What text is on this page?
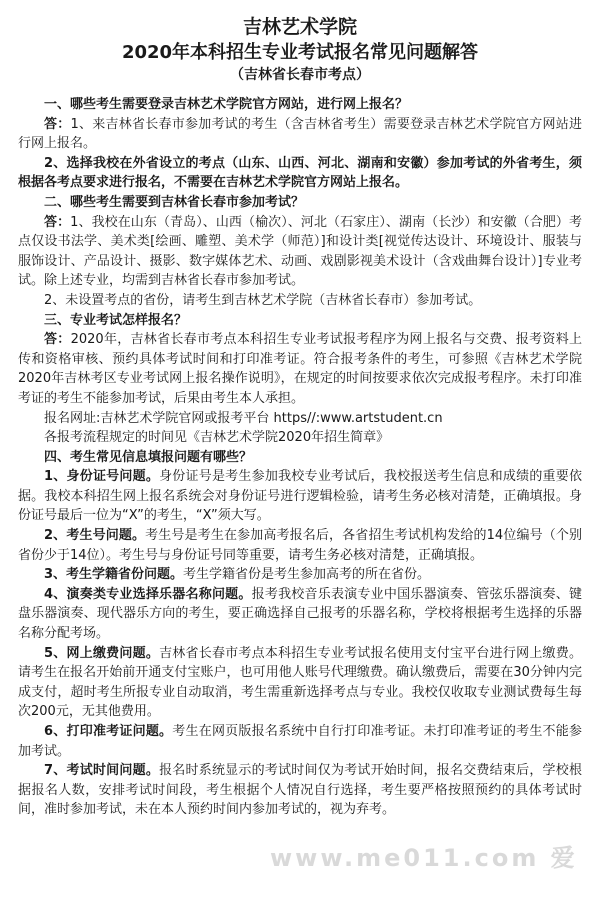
吉林艺术学院
2020年本科招生专业考试报名常见问题解答
（吉林省长春市考点）

一、哪些考生需要登录吉林艺术学院官方网站，进行网上报名？

答：1、来吉林省长春市参加考试的考生（含吉林省考生）需要登录吉林艺术学院官方网站进行网上报名。

2、选择我校在外省设立的考点（山东、山西、河北、湖南和安徽）参加考试的外省考生，须根据各考点要求进行报名，不需要在吉林艺术学院官方网站上报名。

二、哪些考生需要到吉林省长春市参加考试？

答：1、我校在山东（青岛）、山西（榆次）、河北（石家庄）、湖南（长沙）和安徽（合肥）考点仅设书法学、美术类[绘画、雕塑、美术学（师范）]和设计类[视觉传达设计、环境设计、服装与服饰设计、产品设计、摄影、数字媒体艺术、动画、戏剧影视美术设计（含戏曲舞台设计）]专业考试。除上述专业，均需到吉林省长春市参加考试。

2、未设置考点的省份，请考生到吉林艺术学院（吉林省长春市）参加考试。

三、专业考试怎样报名？

答：2020年，吉林省长春市考点本科招生专业考试报考程序为网上报名与交费、报考资料上传和资格审核、预约具体考试时间和打印准考证。符合报考条件的考生，可参照《吉林艺术学院2020年吉林考区专业考试网上报名操作说明》，在规定的时间按要求依次完成报考程序。未打印准考证的考生不能参加考试，后果由考生本人承担。

报名网址:吉林艺术学院官网或报考平台 https//:www.artstudent.cn

各报考流程规定的时间见《吉林艺术学院2020年招生简章》

四、考生常见信息填报问题有哪些？

1、身份证号问题。身份证号是考生参加我校专业考试后，我校报送考生信息和成绩的重要依据。我校本科招生网上报名系统会对身份证号进行逻辑检验，请考生务必核对清楚，正确填报。身份证号最后一位为“X”的考生，“X”须大写。

2、考生号问题。考生号是考生在参加高考报名后，各省招生考试机构发给的14位编号（个别省份少于14位）。考生号与身份证号同等重要，请考生务必核对清楚，正确填报。

3、考生学籍省份问题。考生学籍省份是考生参加高考的所在省份。

4、演奏类专业选择乐器名称问题。报考我校音乐表演专业中国乐器演奏、管弦乐器演奏、键盘乐器演奏、现代器乐方向的考生，要正确选择自己报考的乐器名称，学校将根据考生选择的乐器名称分配考场。

5、网上缴费问题。吉林省长春市考点本科招生专业考试报名使用支付宝平台进行网上缴费。请考生在报名开始前开通支付宝账户，也可用他人账号代理缴费。确认缴费后，需要在30分钟内完成支付，超时考生所报专业自动取消，考生需重新选择考点与专业。我校仅收取专业测试费每生每次200元，无其他费用。

6、打印准考证问题。考生在网页版报名系统中自行打印准考证。未打印准考证的考生不能参加考试。

7、考试时间问题。报名时系统显示的考试时间仅为考试开始时间，报名交费结束后，学校根据报名人数，安排考试时间段，考生根据个人情况自行选择，考生要严格按照预约的具体考试时间，准时参加考试，未在本人预约时间内参加考试的，视为弃考。

www.me011.com 爱
